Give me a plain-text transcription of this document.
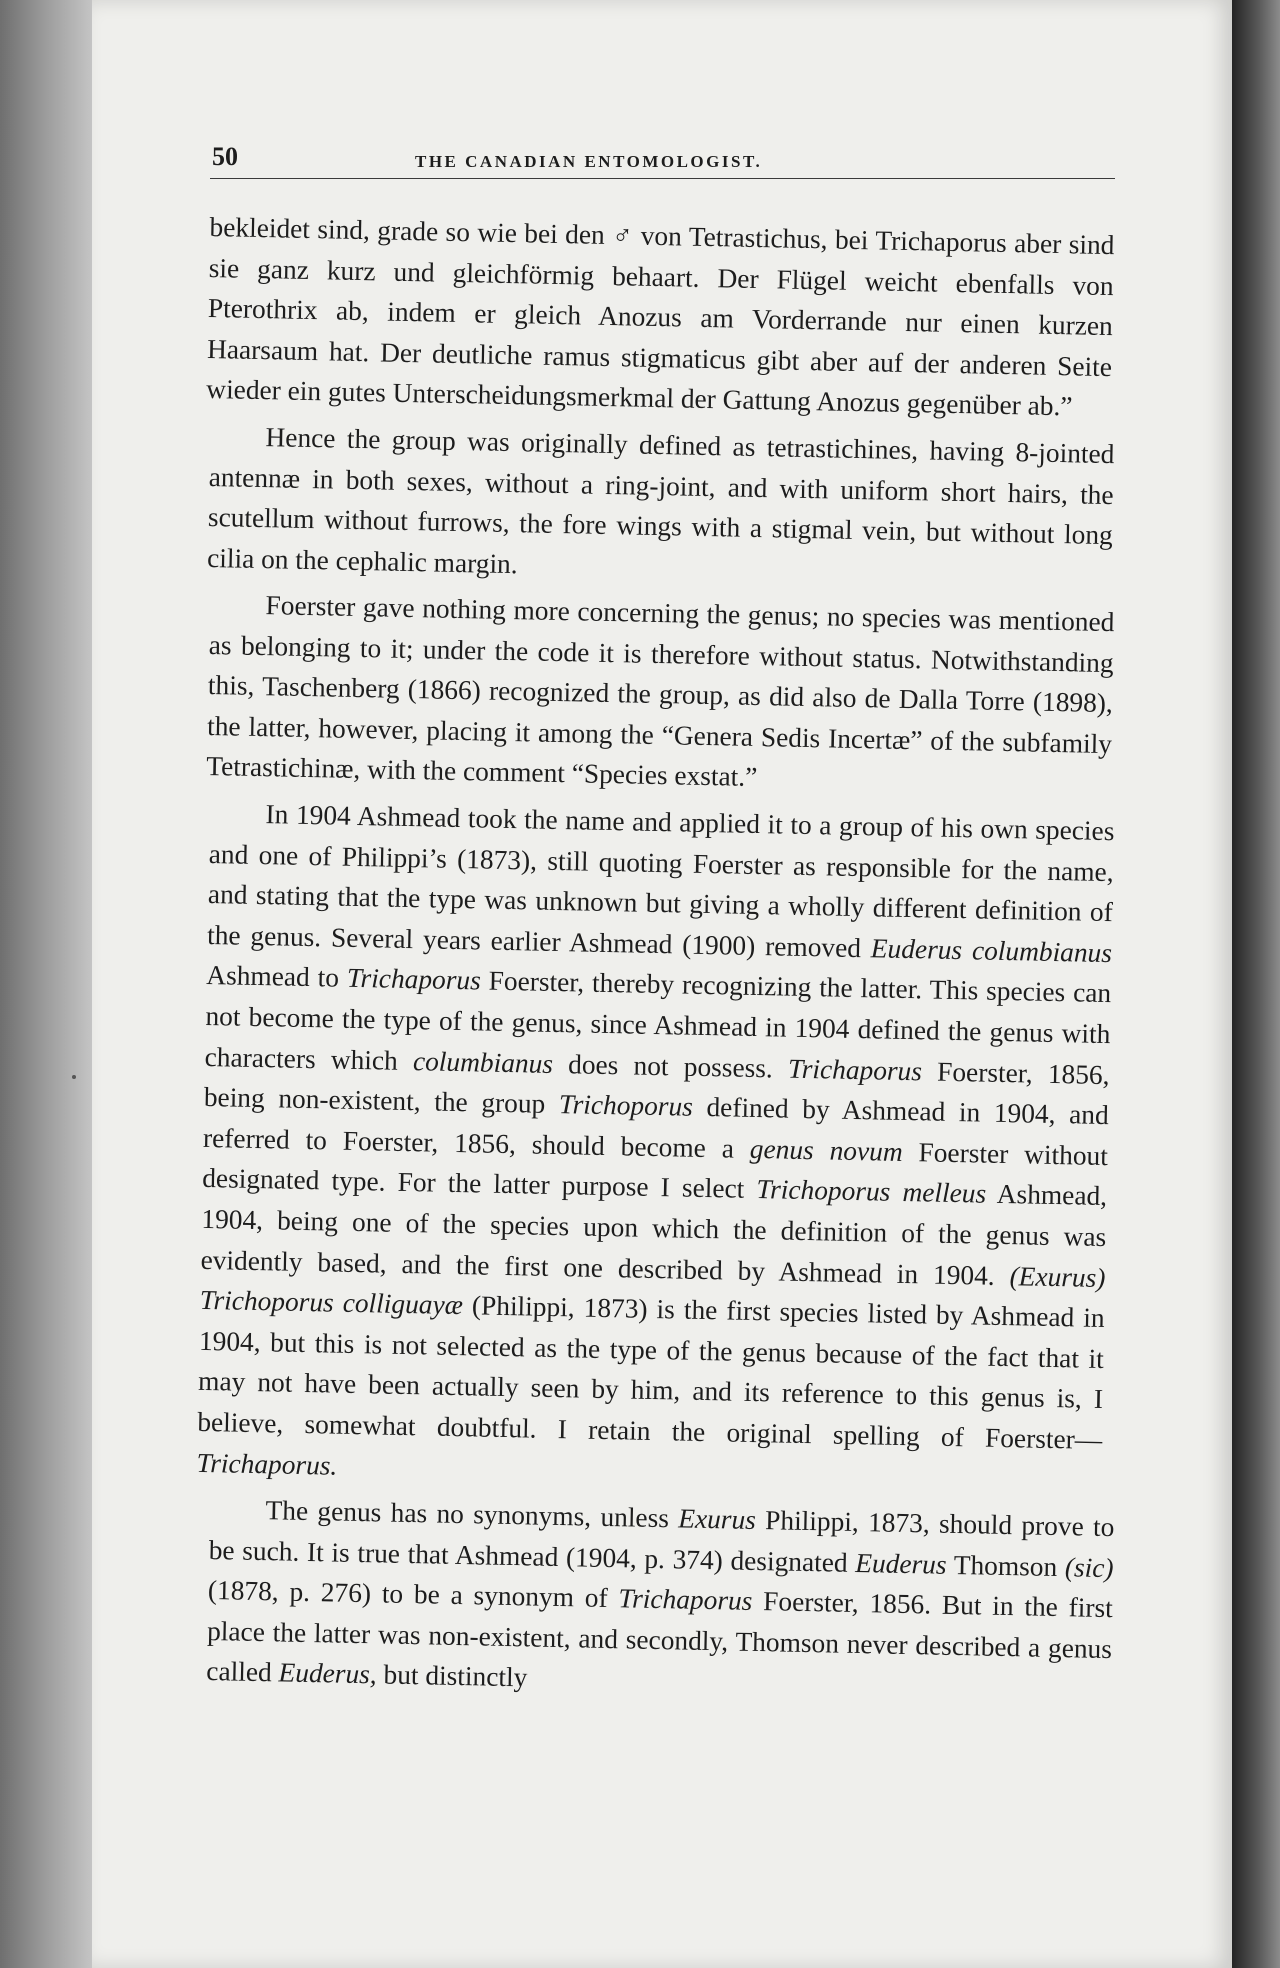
50	THE CANADIAN ENTOMOLOGIST.

bekleidet sind, grade so wie bei den ♂ von Tetrastichus, bei Trichaporus aber sind sie ganz kurz und gleichförmig behaart. Der Flügel weicht ebenfalls von Pterothrix ab, indem er gleich Anozus am Vorderrande nur einen kurzen Haarsaum hat. Der deutliche ramus stigmaticus gibt aber auf der anderen Seite wieder ein gutes Unterscheidungsmerkmal der Gattung Anozus gegenüber ab.”

Hence the group was originally defined as tetrastichines, having 8-jointed antennæ in both sexes, without a ring-joint, and with uniform short hairs, the scutellum without furrows, the fore wings with a stigmal vein, but without long cilia on the cephalic margin.

Foerster gave nothing more concerning the genus; no species was mentioned as belonging to it; under the code it is therefore without status. Notwithstanding this, Taschenberg (1866) recognized the group, as did also de Dalla Torre (1898), the latter, however, placing it among the “Genera Sedis Incertæ” of the subfamily Tetrastichinæ, with the comment “Species exstat.”

In 1904 Ashmead took the name and applied it to a group of his own species and one of Philippi’s (1873), still quoting Foerster as responsible for the name, and stating that the type was unknown but giving a wholly different definition of the genus. Several years earlier Ashmead (1900) removed Euderus columbianus Ashmead to Trichaporus Foerster, thereby recognizing the latter. This species can not become the type of the genus, since Ashmead in 1904 defined the genus with characters which columbianus does not possess. Trichaporus Foerster, 1856, being non-existent, the group Trichoporus defined by Ashmead in 1904, and referred to Foerster, 1856, should become a genus novum Foerster without designated type. For the latter purpose I select Trichoporus melleus Ashmead, 1904, being one of the species upon which the definition of the genus was evidently based, and the first one described by Ashmead in 1904. (Exurus) Trichoporus colliguayæ (Philippi, 1873) is the first species listed by Ashmead in 1904, but this is not selected as the type of the genus because of the fact that it may not have been actually seen by him, and its reference to this genus is, I believe, somewhat doubtful. I retain the original spelling of Foerster—Trichaporus.

The genus has no synonyms, unless Exurus Philippi, 1873, should prove to be such. It is true that Ashmead (1904, p. 374) designated Euderus Thomson (sic) (1878, p. 276) to be a synonym of Trichaporus Foerster, 1856. But in the first place the latter was non-existent, and secondly, Thomson never described a genus called Euderus, but distinctly
